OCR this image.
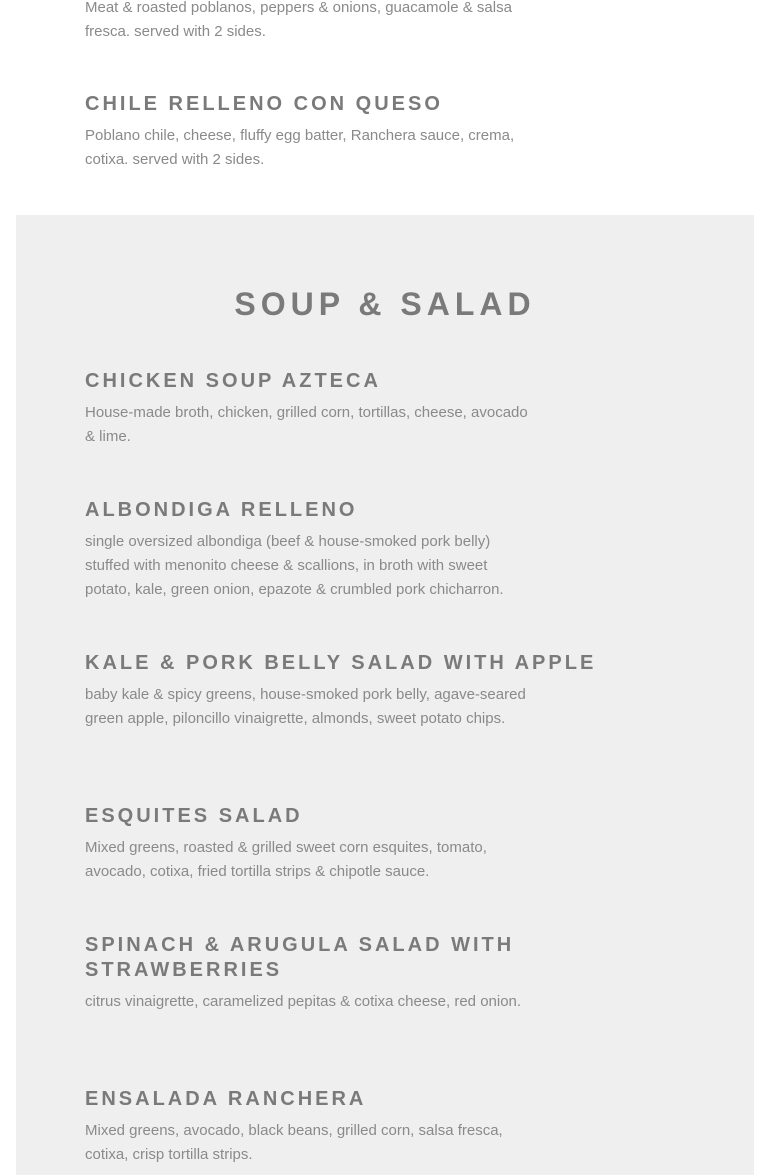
Meat & roasted poblanos, peppers & onions, guacamole & salsa fresca. served with 2 sides.

CHILE RELLENO CON QUESO

Poblano chile, cheese, fluffy egg batter, Ranchera sauce, crema, cotixa. served with 2 sides.

SOUP & SALAD
CHICKEN SOUP AZTECA

House-made broth, chicken, grilled corn, tortillas, cheese, avocado & lime.

ALBONDIGA RELLENO

single oversized albondiga (beef & house-smoked pork belly) stuffed with menonito cheese & scallions, in broth with sweet potato, kale, green onion, epazote & crumbled pork chicharron.

KALE & PORK BELLY SALAD WITH APPLE

baby kale & spicy greens, house-smoked pork belly, agave-seared green apple, piloncillo vinaigrette, almonds, sweet potato chips.

ESQUITES SALAD

Mixed greens, roasted & grilled sweet corn esquites, tomato, avocado, cotixa, fried tortilla strips & chipotle sauce.

SPINACH & ARUGULA SALAD WITH STRAWBERRIES

citrus vinaigrette, caramelized pepitas & cotixa cheese, red onion.

ENSALADA RANCHERA

Mixed greens, avocado, black beans, grilled corn, salsa fresca, cotixa, crisp tortilla strips.
